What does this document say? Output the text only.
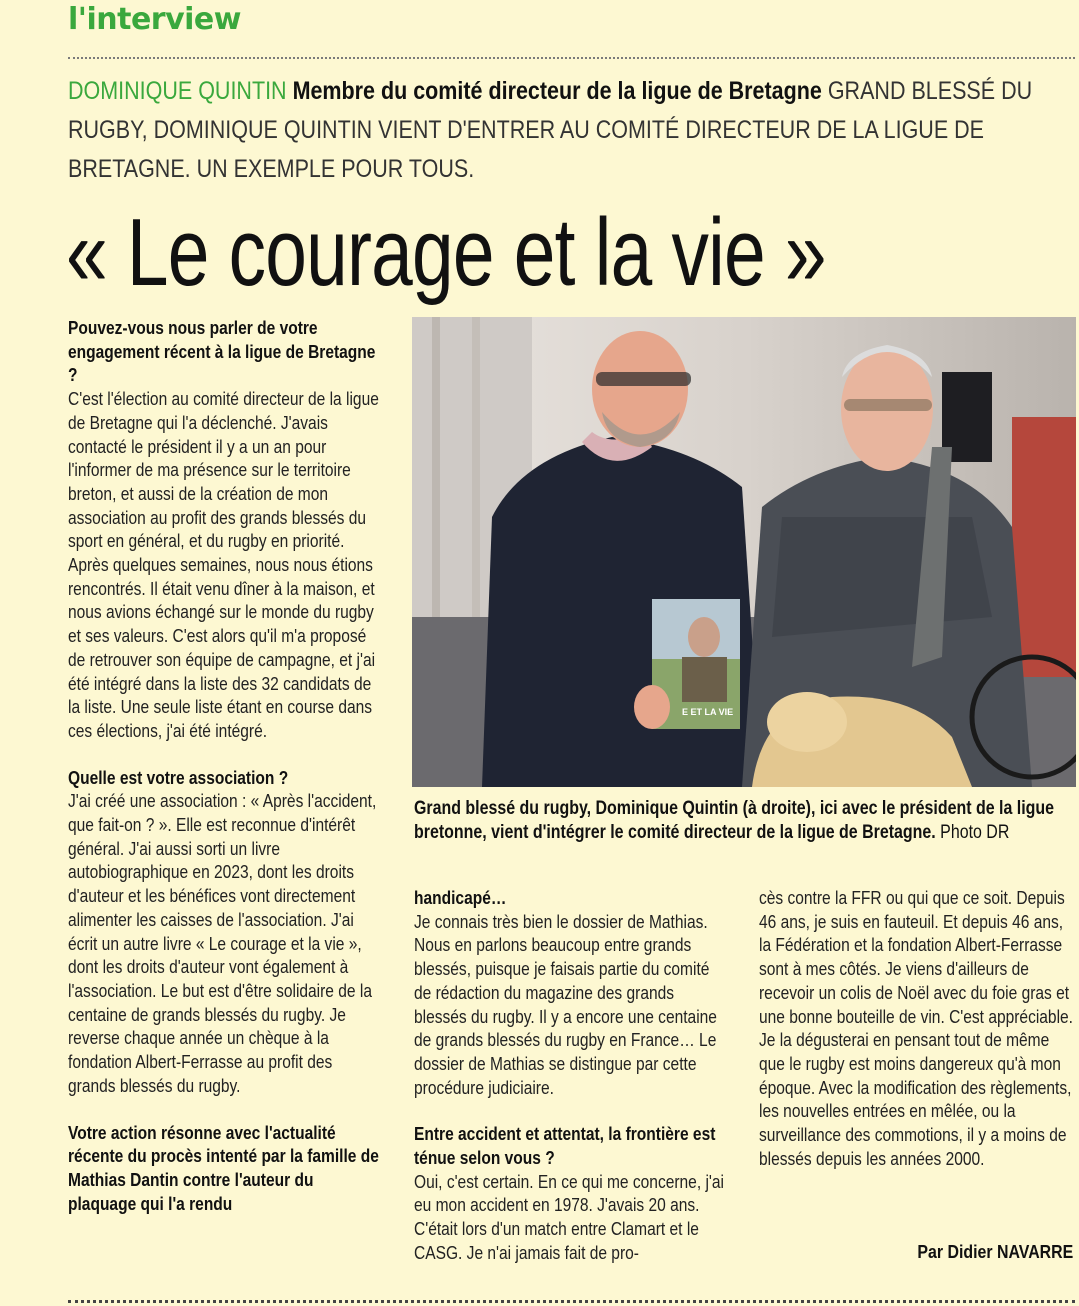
l'interview
DOMINIQUE QUINTIN Membre du comité directeur de la ligue de Bretagne GRAND BLESSÉ DU RUGBY, DOMINIQUE QUINTIN VIENT D'ENTRER AU COMITÉ DIRECTEUR DE LA LIGUE DE BRETAGNE. UN EXEMPLE POUR TOUS.
« Le courage et la vie »
Pouvez-vous nous parler de votre engagement récent à la ligue de Bretagne ?
C'est l'élection au comité directeur de la ligue de Bretagne qui l'a déclenché. J'avais contacté le président il y a un an pour l'informer de ma présence sur le territoire breton, et aussi de la création de mon association au profit des grands blessés du sport en général, et du rugby en priorité. Après quelques semaines, nous nous étions rencontrés. Il était venu dîner à la maison, et nous avions échangé sur le monde du rugby et ses valeurs. C'est alors qu'il m'a proposé de retrouver son équipe de campagne, et j'ai été intégré dans la liste des 32 candidats de la liste. Une seule liste étant en course dans ces élections, j'ai été intégré.
Quelle est votre association ?
J'ai créé une association : « Après l'accident, que fait-on ? ». Elle est reconnue d'intérêt général. J'ai aussi sorti un livre autobiographique en 2023, dont les droits d'auteur et les bénéfices vont directement alimenter les caisses de l'association. J'ai écrit un autre livre « Le courage et la vie », dont les droits d'auteur vont également à l'association. Le but est d'être solidaire de la centaine de grands blessés du rugby. Je reverse chaque année un chèque à la fondation Albert-Ferrasse au profit des grands blessés du rugby.
Votre action résonne avec l'actualité récente du procès intenté par la famille de Mathias Dantin contre l'auteur du plaquage qui l'a rendu
E ET LA VIE
Grand blessé du rugby, Dominique Quintin (à droite), ici avec le président de la ligue bretonne, vient d'intégrer le comité directeur de la ligue de Bretagne. Photo DR
handicapé…
Je connais très bien le dossier de Mathias. Nous en parlons beaucoup entre grands blessés, puisque je faisais partie du comité de rédaction du magazine des grands blessés du rugby. Il y a encore une centaine de grands blessés du rugby en France… Le dossier de Mathias se distingue par cette procédure judiciaire.
Entre accident et attentat, la frontière est ténue selon vous ?
Oui, c'est certain. En ce qui me concerne, j'ai eu mon accident en 1978. J'avais 20 ans. C'était lors d'un match entre Clamart et le CASG. Je n'ai jamais fait de pro-
cès contre la FFR ou qui que ce soit. Depuis 46 ans, je suis en fauteuil. Et depuis 46 ans, la Fédération et la fondation Albert-Ferrasse sont à mes côtés. Je viens d'ailleurs de recevoir un colis de Noël avec du foie gras et une bonne bouteille de vin. C'est appréciable. Je la dégusterai en pensant tout de même que le rugby est moins dangereux qu'à mon époque. Avec la modification des règlements, les nouvelles entrées en mêlée, ou la surveillance des commotions, il y a moins de blessés depuis les années 2000.
Par Didier NAVARRE
